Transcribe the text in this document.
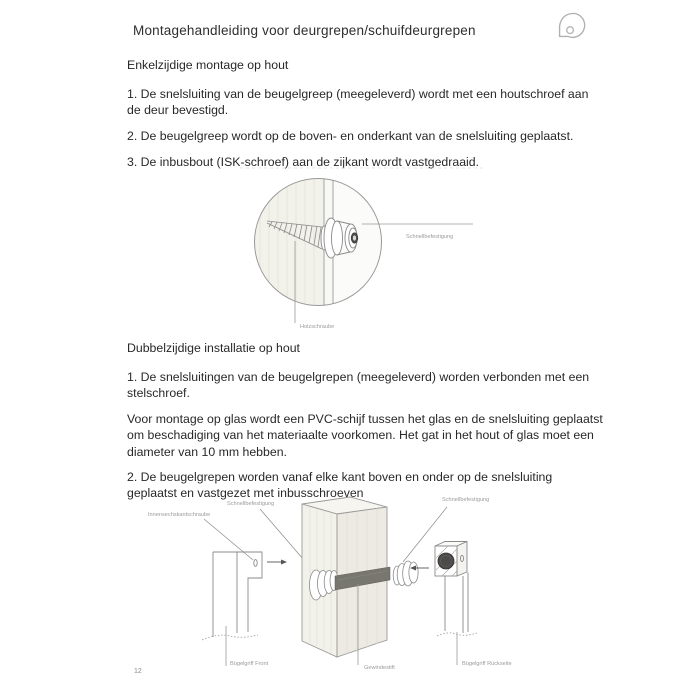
Montagehandleiding voor deurgrepen/schuifdeurgrepen
Enkelzijdige montage op hout

1. De snelsluiting van de beugelgreep (meegeleverd) wordt met een houtschroef aan de deur bevestigd.

2. De beugelgreep wordt op de boven- en onderkant van de snelsluiting geplaatst.

3. De inbusbout (ISK-schroef) aan de zijkant wordt vastgedraaid.

Schnellbefestigung
Holzschraube
Dubbelzijdige installatie op hout

1. De snelsluitingen van de beugelgrepen (meegeleverd) worden verbonden met een stelschroef.

Voor montage op glas wordt een PVC-schijf tussen het glas en de snelsluiting geplaatst om beschadiging van het materiaalte voorkomen. Het gat in het hout of glas moet een diameter van 10 mm hebben.

2. De beugelgrepen worden vanaf elke kant boven en onder op de snelsluiting geplaatst en vastgezet met inbusschroeven

Innensechskantschraube
Schnellbefestigung
Schnellbefestigung
Bügelgriff Front
Gewindestift
Bügelgriff Rückseite
12
